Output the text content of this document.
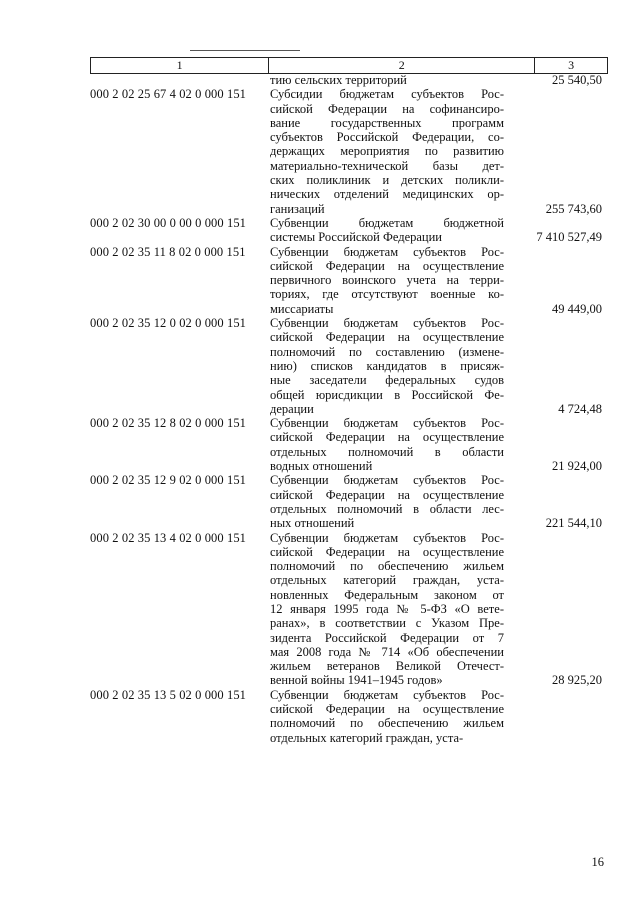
1	2	3
тию сельских территорий	25 540,50
000 2 02 25 67 4 02 0 000 151	Субсидии бюджетам субъектов Рос-
сийской Федерации на софинансиро-
вание государственных программ
субъектов Российской Федерации, со-
держащих мероприятия по развитию
материально-технической базы дет-
ских поликлиник и детских поликли-
нических отделений медицинских ор-
ганизаций	255 743,60
000 2 02 30 00 0 00 0 000 151	Субвенции бюджетам бюджетной
системы Российской Федерации	7 410 527,49
000 2 02 35 11 8 02 0 000 151	Субвенции бюджетам субъектов Рос-
сийской Федерации на осуществление
первичного воинского учета на терри-
ториях, где отсутствуют военные ко-
миссариаты	49 449,00
000 2 02 35 12 0 02 0 000 151	Субвенции бюджетам субъектов Рос-
сийской Федерации на осуществление
полномочий по составлению (измене-
нию) списков кандидатов в присяж-
ные заседатели федеральных судов
общей юрисдикции в Российской Фе-
дерации	4 724,48
000 2 02 35 12 8 02 0 000 151	Субвенции бюджетам субъектов Рос-
сийской Федерации на осуществление
отдельных полномочий в области
водных отношений	21 924,00
000 2 02 35 12 9 02 0 000 151	Субвенции бюджетам субъектов Рос-
сийской Федерации на осуществление
отдельных полномочий в области лес-
ных отношений	221 544,10
000 2 02 35 13 4 02 0 000 151	Субвенции бюджетам субъектов Рос-
сийской Федерации на осуществление
полномочий по обеспечению жильем
отдельных категорий граждан, уста-
новленных Федеральным законом от
12 января 1995 года № 5-ФЗ «О вете-
ранах», в соответствии с Указом Пре-
зидента Российской Федерации от 7
мая 2008 года № 714 «Об обеспечении
жильем ветеранов Великой Отечест-
венной войны 1941–1945 годов»	28 925,20
000 2 02 35 13 5 02 0 000 151	Субвенции бюджетам субъектов Рос-
сийской Федерации на осуществление
полномочий по обеспечению жильем
отдельных категорий граждан, уста-
16
